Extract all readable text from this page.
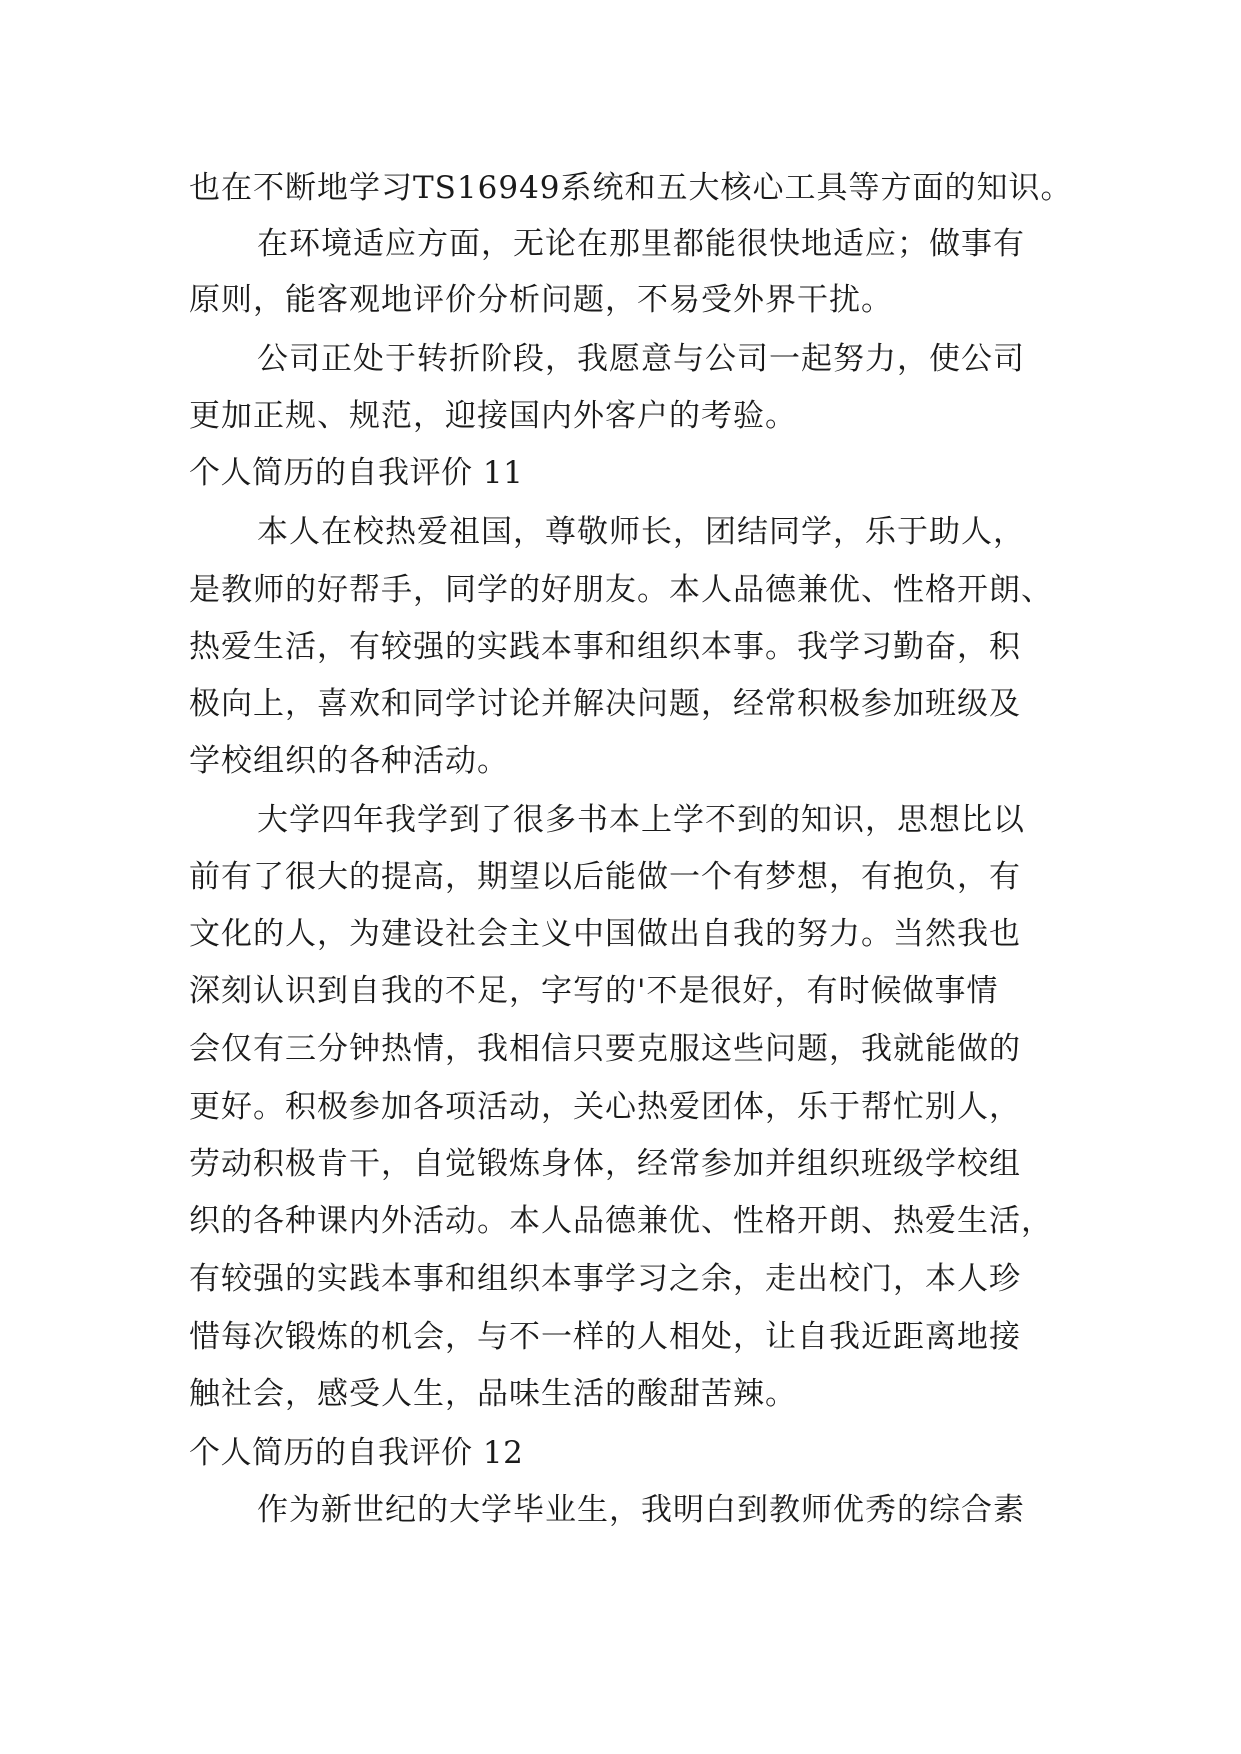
也在不断地学习TS16949系统和五大核心工具等方面的知识。
在环境适应方面，无论在那里都能很快地适应；做事有
原则，能客观地评价分析问题，不易受外界干扰。
公司正处于转折阶段，我愿意与公司一起努力，使公司
更加正规、规范，迎接国内外客户的考验。
个人简历的自我评价 11
本人在校热爱祖国，尊敬师长，团结同学，乐于助人，
是教师的好帮手，同学的好朋友。本人品德兼优、性格开朗、
热爱生活，有较强的实践本事和组织本事。我学习勤奋，积
极向上，喜欢和同学讨论并解决问题，经常积极参加班级及
学校组织的各种活动。
大学四年我学到了很多书本上学不到的知识，思想比以
前有了很大的提高，期望以后能做一个有梦想，有抱负，有
文化的人，为建设社会主义中国做出自我的努力。当然我也
深刻认识到自我的不足，字写的'不是很好，有时候做事情
会仅有三分钟热情，我相信只要克服这些问题，我就能做的
更好。积极参加各项活动，关心热爱团体，乐于帮忙别人，
劳动积极肯干，自觉锻炼身体，经常参加并组织班级学校组
织的各种课内外活动。本人品德兼优、性格开朗、热爱生活，
有较强的实践本事和组织本事学习之余，走出校门，本人珍
惜每次锻炼的机会，与不一样的人相处，让自我近距离地接
触社会，感受人生，品味生活的酸甜苦辣。
个人简历的自我评价 12
作为新世纪的大学毕业生，我明白到教师优秀的综合素
